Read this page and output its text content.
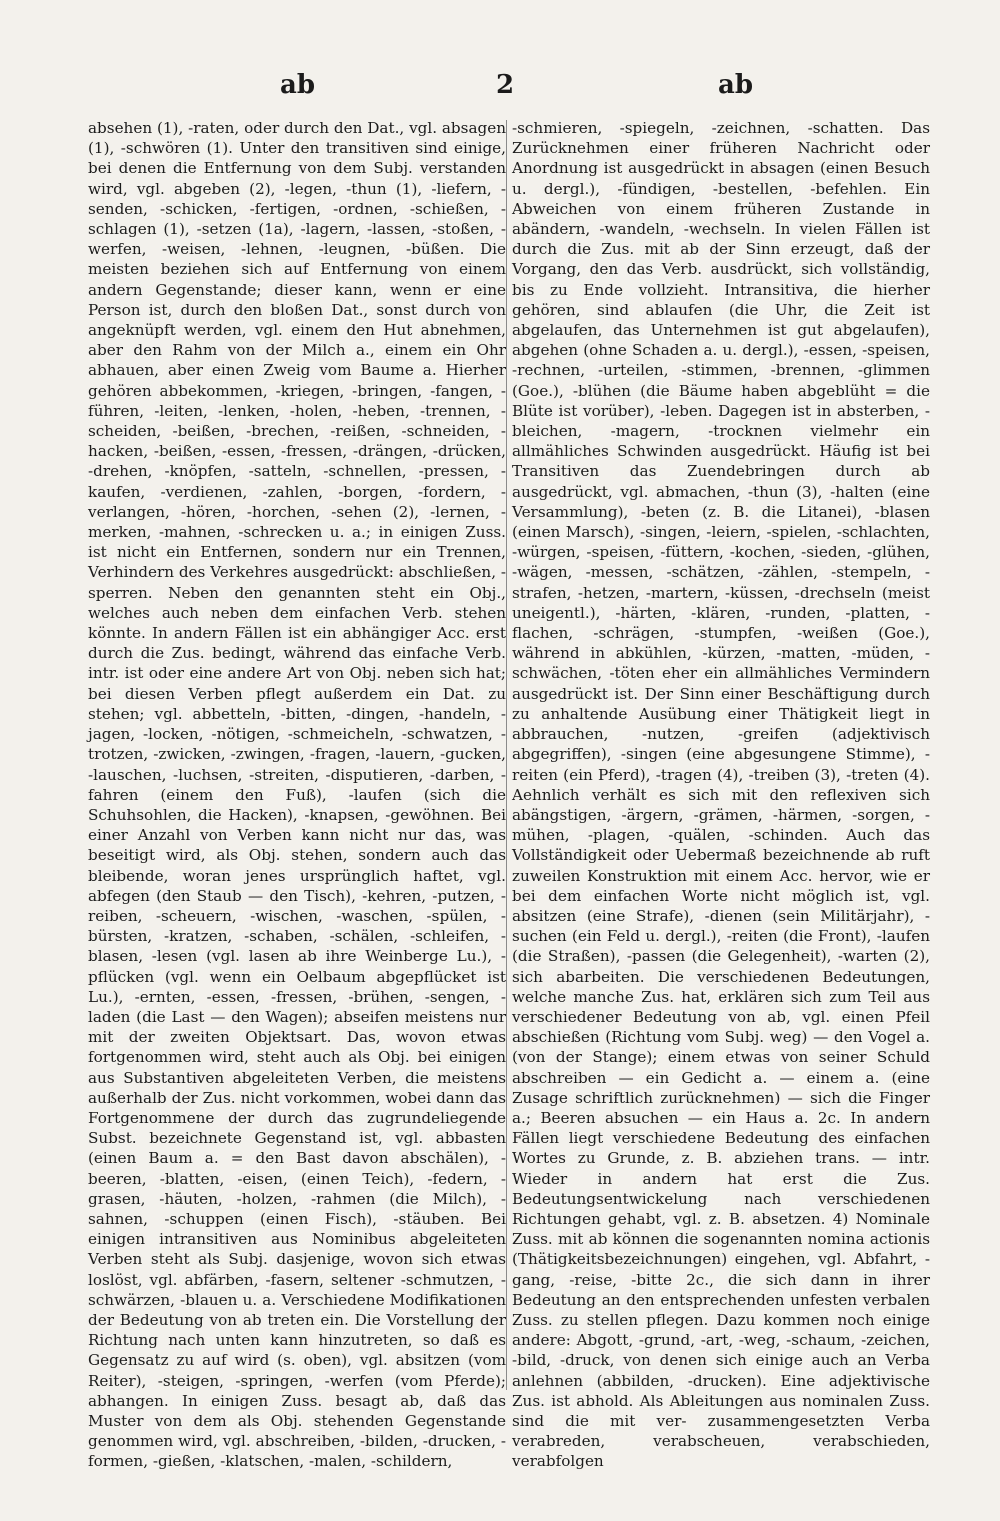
ab	2	ab

absehen (1), -raten, oder durch den Dat., vgl. absagen (1), -schwören (1). Unter den transitiven sind einige, bei denen die Entfernung von dem Subj. verstanden wird, vgl. abgeben (2), -legen, -thun (1), -liefern, -senden, -schicken, -fertigen, -ordnen, -schießen, -schlagen (1), -setzen (1a), -lagern, -lassen, -stoßen, -werfen, -weisen, -lehnen, -leugnen, -büßen. Die meisten beziehen sich auf Entfernung von einem andern Gegenstande; dieser kann, wenn er eine Person ist, durch den bloßen Dat., sonst durch von angeknüpft werden, vgl. einem den Hut abnehmen, aber den Rahm von der Milch a., einem ein Ohr abhauen, aber einen Zweig vom Baume a. Hierher gehören abbekommen, -kriegen, -bringen, -fangen, -führen, -leiten, -lenken, -holen, -heben, -trennen, -scheiden, -beißen, -brechen, -reißen, -schneiden, -hacken, -beißen, -essen, -fressen, -drängen, -drücken, -drehen, -knöpfen, -satteln, -schnellen, -pressen, -kaufen, -verdienen, -zahlen, -borgen, -fordern, -verlangen, -hören, -horchen, -sehen (2), -lernen, -merken, -mahnen, -schrecken u. a.; in einigen Zuss. ist nicht ein Entfernen, sondern nur ein Trennen, Verhindern des Verkehres ausgedrückt: abschließen, -sperren. Neben den genannten steht ein Obj., welches auch neben dem einfachen Verb. stehen könnte. In andern Fällen ist ein abhängiger Acc. erst durch die Zus. bedingt, während das einfache Verb. intr. ist oder eine andere Art von Obj. neben sich hat; bei diesen Verben pflegt außerdem ein Dat. zu stehen; vgl. abbetteln, -bitten, -dingen, -handeln, -jagen, -locken, -nötigen, -schmeicheln, -schwatzen, -trotzen, -zwicken, -zwingen, -fragen, -lauern, -gucken, -lauschen, -luchsen, -streiten, -disputieren, -darben, -fahren (einem den Fuß), -laufen (sich die Schuhsohlen, die Hacken), -knapsen, -gewöhnen. Bei einer Anzahl von Verben kann nicht nur das, was beseitigt wird, als Obj. stehen, sondern auch das bleibende, woran jenes ursprünglich haftet, vgl. abfegen (den Staub — den Tisch), -kehren, -putzen, -reiben, -scheuern, -wischen, -waschen, -spülen, -bürsten, -kratzen, -schaben, -schälen, -schleifen, -blasen, -lesen (vgl. lasen ab ihre Weinberge Lu.), -pflücken (vgl. wenn ein Oelbaum abgepflücket ist Lu.), -ernten, -essen, -fressen, -brühen, -sengen, -laden (die Last — den Wagen); abseifen meistens nur mit der zweiten Objektsart. Das, wovon etwas fortgenommen wird, steht auch als Obj. bei einigen aus Substantiven abgeleiteten Verben, die meistens außerhalb der Zus. nicht vorkommen, wobei dann das Fortgenommene der durch das zugrundeliegende Subst. bezeichnete Gegenstand ist, vgl. abbasten (einen Baum a. = den Bast davon abschälen), -beeren, -blatten, -eisen, (einen Teich), -federn, -grasen, -häuten, -holzen, -rahmen (die Milch), -sahnen, -schuppen (einen Fisch), -stäuben. Bei einigen intransitiven aus Nominibus abgeleiteten Verben steht als Subj. dasjenige, wovon sich etwas loslöst, vgl. abfärben, -fasern, seltener -schmutzen, -schwärzen, -blauen u. a. Verschiedene Modifikationen der Bedeutung von ab treten ein. Die Vorstellung der Richtung nach unten kann hinzutreten, so daß es Gegensatz zu auf wird (s. oben), vgl. absitzen (vom Reiter), -steigen, -springen, -werfen (vom Pferde); abhangen. In einigen Zuss. besagt ab, daß das Muster von dem als Obj. stehenden Gegenstande genommen wird, vgl. abschreiben, -bilden, -drucken, -formen, -gießen, -klatschen, -malen, -schildern,

-schmieren, -spiegeln, -zeichnen, -schatten. Das Zurücknehmen einer früheren Nachricht oder Anordnung ist ausgedrückt in absagen (einen Besuch u. dergl.), -fündigen, -bestellen, -befehlen. Ein Abweichen von einem früheren Zustande in abändern, -wandeln, -wechseln. In vielen Fällen ist durch die Zus. mit ab der Sinn erzeugt, daß der Vorgang, den das Verb. ausdrückt, sich vollständig, bis zu Ende vollzieht. Intransitiva, die hierher gehören, sind ablaufen (die Uhr, die Zeit ist abgelaufen, das Unternehmen ist gut abgelaufen), abgehen (ohne Schaden a. u. dergl.), -essen, -speisen, -rechnen, -urteilen, -stimmen, -brennen, -glimmen (Goe.), -blühen (die Bäume haben abgeblüht = die Blüte ist vorüber), -leben. Dagegen ist in absterben, -bleichen, -magern, -trocknen vielmehr ein allmähliches Schwinden ausgedrückt. Häufig ist bei Transitiven das Zuendebringen durch ab ausgedrückt, vgl. abmachen, -thun (3), -halten (eine Versammlung), -beten (z. B. die Litanei), -blasen (einen Marsch), -singen, -leiern, -spielen, -schlachten, -würgen, -speisen, -füttern, -kochen, -sieden, -glühen, -wägen, -messen, -schätzen, -zählen, -stempeln, -strafen, -hetzen, -martern, -küssen, -drechseln (meist uneigentl.), -härten, -klären, -runden, -platten, -flachen, -schrägen, -stumpfen, -weißen (Goe.), während in abkühlen, -kürzen, -matten, -müden, -schwächen, -töten eher ein allmähliches Vermindern ausgedrückt ist. Der Sinn einer Beschäftigung durch zu anhaltende Ausübung einer Thätigkeit liegt in abbrauchen, -nutzen, -greifen (adjektivisch abgegriffen), -singen (eine abgesungene Stimme), -reiten (ein Pferd), -tragen (4), -treiben (3), -treten (4). Aehnlich verhält es sich mit den reflexiven sich abängstigen, -ärgern, -grämen, -härmen, -sorgen, -mühen, -plagen, -quälen, -schinden. Auch das Vollständigkeit oder Uebermaß bezeichnende ab ruft zuweilen Konstruktion mit einem Acc. hervor, wie er bei dem einfachen Worte nicht möglich ist, vgl. absitzen (eine Strafe), -dienen (sein Militärjahr), -suchen (ein Feld u. dergl.), -reiten (die Front), -laufen (die Straßen), -passen (die Gelegenheit), -warten (2), sich abarbeiten. Die verschiedenen Bedeutungen, welche manche Zus. hat, erklären sich zum Teil aus verschiedener Bedeutung von ab, vgl. einen Pfeil abschießen (Richtung vom Subj. weg) — den Vogel a. (von der Stange); einem etwas von seiner Schuld abschreiben — ein Gedicht a. — einem a. (eine Zusage schriftlich zurücknehmen) — sich die Finger a.; Beeren absuchen — ein Haus a. 2c. In andern Fällen liegt verschiedene Bedeutung des einfachen Wortes zu Grunde, z. B. abziehen trans. — intr. Wieder in andern hat erst die Zus. Bedeutungsentwickelung nach verschiedenen Richtungen gehabt, vgl. z. B. absetzen. 4) Nominale Zuss. mit ab können die sogenannten nomina actionis (Thätigkeitsbezeichnungen) eingehen, vgl. Abfahrt, -gang, -reise, -bitte 2c., die sich dann in ihrer Bedeutung an den entsprechenden unfesten verbalen Zuss. zu stellen pflegen. Dazu kommen noch einige andere: Abgott, -grund, -art, -weg, -schaum, -zeichen, -bild, -druck, von denen sich einige auch an Verba anlehnen (abbilden, -drucken). Eine adjektivische Zus. ist abhold. Als Ableitungen aus nominalen Zuss. sind die mit ver- zusammengesetzten Verba verabreden, verabscheuen, verabschieden, verabfolgen
